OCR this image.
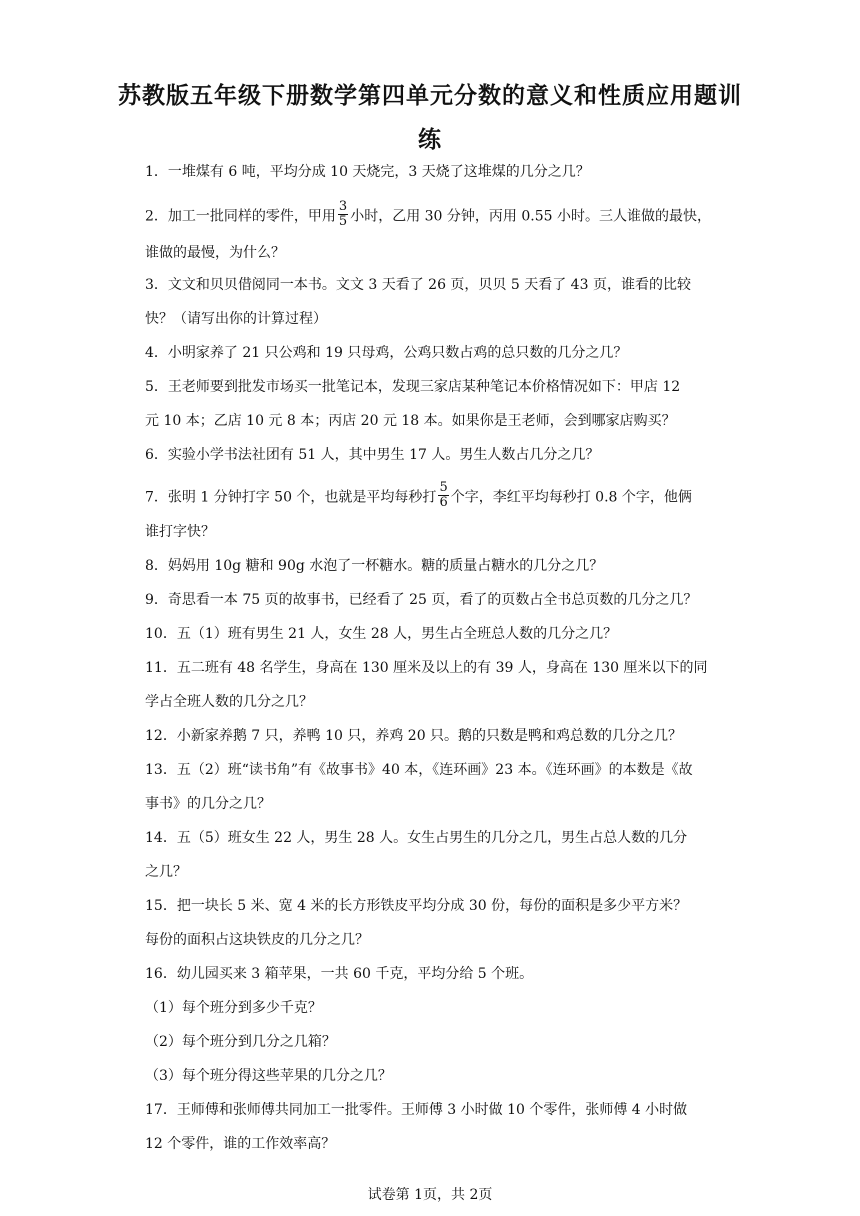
苏教版五年级下册数学第四单元分数的意义和性质应用题训
练
1．一堆煤有 6 吨，平均分成 10 天烧完，3 天烧了这堆煤的几分之几？
2．加工一批同样的零件，甲用 $\frac{3}{5}$ 小时，乙用 30 分钟，丙用 0.55 小时。三人谁做的最快，
谁做的最慢，为什么？
3．文文和贝贝借阅同一本书。文文 3 天看了 26 页，贝贝 5 天看了 43 页，谁看的比较
快？（请写出你的计算过程）
4．小明家养了 21 只公鸡和 19 只母鸡，公鸡只数占鸡的总只数的几分之几？
5．王老师要到批发市场买一批笔记本，发现三家店某种笔记本价格情况如下：甲店 12
元 10 本；乙店 10 元 8 本；丙店 20 元 18 本。如果你是王老师，会到哪家店购买？
6．实验小学书法社团有 51 人，其中男生 17 人。男生人数占几分之几？
7．张明 1 分钟打字 50 个，也就是平均每秒打 $\frac{5}{6}$ 个字，李红平均每秒打 0.8 个字，他俩
谁打字快？
8．妈妈用 10g 糖和 90g 水泡了一杯糖水。糖的质量占糖水的几分之几？
9．奇思看一本 75 页的故事书，已经看了 25 页，看了的页数占全书总页数的几分之几？
10．五（1）班有男生 21 人，女生 28 人，男生占全班总人数的几分之几？
11．五二班有 48 名学生，身高在 130 厘米及以上的有 39 人，身高在 130 厘米以下的同
学占全班人数的几分之几？
12．小新家养鹅 7 只，养鸭 10 只，养鸡 20 只。鹅的只数是鸭和鸡总数的几分之几？
13．五（2）班“读书角”有《故事书》40 本，《连环画》23 本。《连环画》的本数是《故
事书》的几分之几？
14．五（5）班女生 22 人，男生 28 人。女生占男生的几分之几，男生占总人数的几分
之几？
15．把一块长 5 米、宽 4 米的长方形铁皮平均分成 30 份，每份的面积是多少平方米？
每份的面积占这块铁皮的几分之几？
16．幼儿园买来 3 箱苹果，一共 60 千克，平均分给 5 个班。
（1）每个班分到多少千克？
（2）每个班分到几分之几箱？
（3）每个班分得这些苹果的几分之几？
17．王师傅和张师傅共同加工一批零件。王师傅 3 小时做 10 个零件，张师傅 4 小时做
12 个零件，谁的工作效率高？
试卷第 1页，共 2页
